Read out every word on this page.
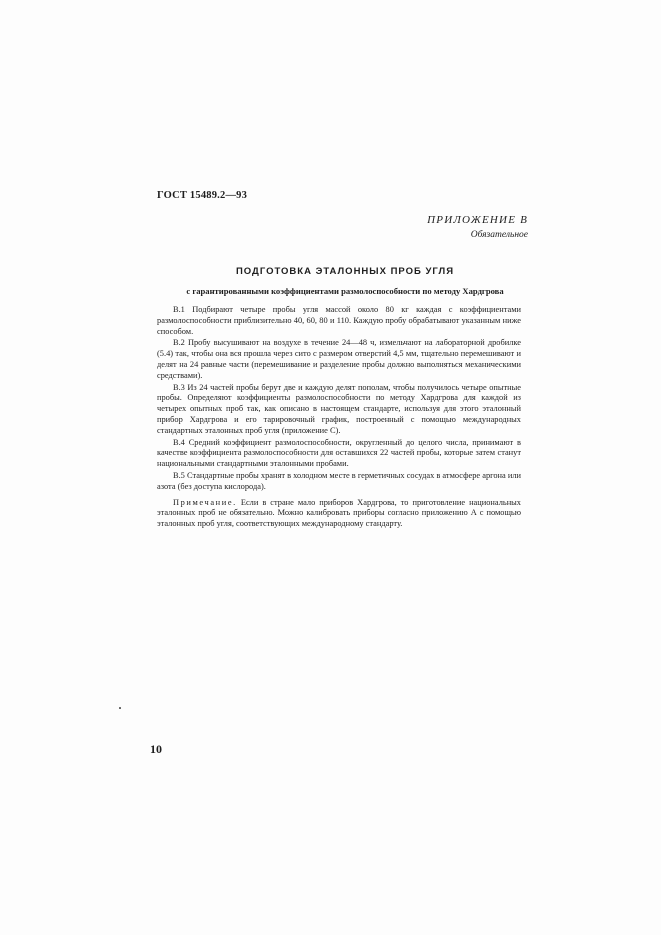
ГОСТ 15489.2—93
ПРИЛОЖЕНИЕ В
Обязательное
ПОДГОТОВКА ЭТАЛОННЫХ ПРОБ УГЛЯ
с гарантированными коэффициентами размолоспособности по методу Хардгрова

В.1 Подбирают четыре пробы угля массой около 80 кг каждая с коэффициентами размолоспособности приблизительно 40, 60, 80 и 110. Каждую пробу обрабатывают указанным ниже способом.

В.2 Пробу высушивают на воздухе в течение 24—48 ч, измельчают на лабораторной дробилке (5.4) так, чтобы она вся прошла через сито с размером отверстий 4,5 мм, тщательно перемешивают и делят на 24 равные части (перемешивание и разделение пробы должно выполняться механическими средствами).

В.3 Из 24 частей пробы берут две и каждую делят пополам, чтобы получилось четыре опытные пробы. Определяют коэффициенты размолоспособности по методу Хардгрова для каждой из четырех опытных проб так, как описано в настоящем стандарте, используя для этого эталонный прибор Хардгрова и его тарировочный график, построенный с помощью международных стандартных эталонных проб угля (приложение С).

В.4 Средний коэффициент размолоспособности, округленный до целого числа, принимают в качестве коэффициента размолоспособности для оставшихся 22 частей пробы, которые затем станут национальными стандартными эталонными пробами.

В.5 Стандартные пробы хранят в холодном месте в герметичных сосудах в атмосфере аргона или азота (без доступа кислорода).

Примечание. Если в стране мало приборов Хардгрова, то приготовление национальных эталонных проб не обязательно. Можно калибровать приборы согласно приложению А с помощью эталонных проб угля, соответствующих международному стандарту.

10
